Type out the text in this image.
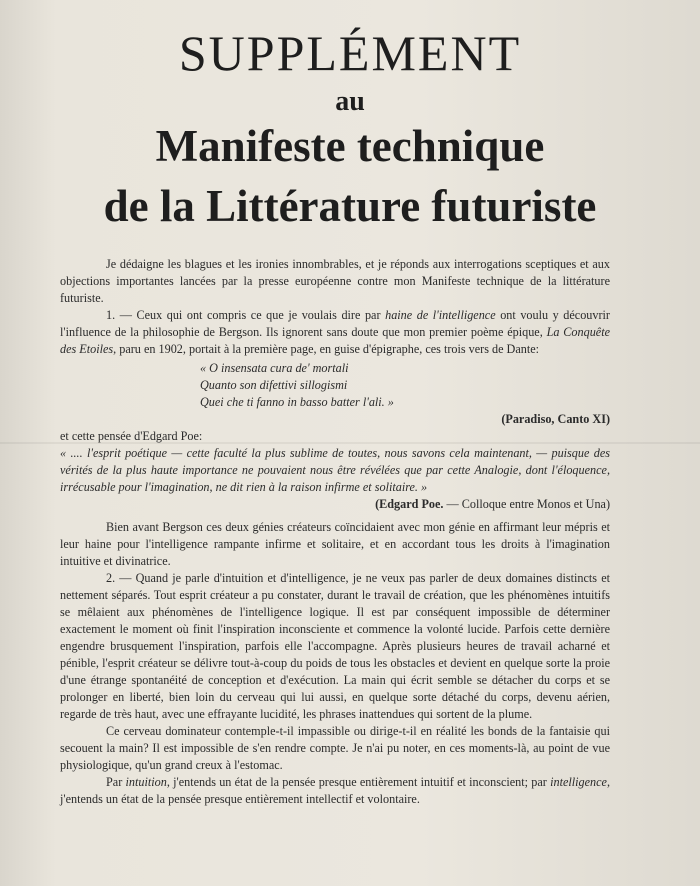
SUPPLÉMENT
au
Manifeste technique
de la Littérature futuriste

Je dédaigne les blagues et les ironies innombrables, et je réponds aux interrogations sceptiques et aux objections importantes lancées par la presse européenne contre mon Manifeste technique de la littérature futuriste.

1. — Ceux qui ont compris ce que je voulais dire par haine de l'intelligence ont voulu y découvrir l'influence de la philosophie de Bergson. Ils ignorent sans doute que mon premier poème épique, La Conquête des Etoiles, paru en 1902, portait à la première page, en guise d'épigraphe, ces trois vers de Dante:

« O insensata cura de' mortali
Quanto son difettivi sillogismi
Quei che ti fanno in basso batter l'ali. »

(Paradiso, Canto XI)

et cette pensée d'Edgard Poe:

« .... l'esprit poétique — cette faculté la plus sublime de toutes, nous savons cela maintenant, — puisque des vérités de la plus haute importance ne pouvaient nous être révélées que par cette Analogie, dont l'éloquence, irrécusable pour l'imagination, ne dit rien à la raison infirme et solitaire. »

(Edgard Poe. — Colloque entre Monos et Una)

Bien avant Bergson ces deux génies créateurs coïncidaient avec mon génie en affirmant leur mépris et leur haine pour l'intelligence rampante infirme et solitaire, et en accordant tous les droits à l'imagination intuitive et divinatrice.

2. — Quand je parle d'intuition et d'intelligence, je ne veux pas parler de deux domaines distincts et nettement séparés. Tout esprit créateur a pu constater, durant le travail de création, que les phénomènes intuitifs se mêlaient aux phénomènes de l'intelligence logique. Il est par conséquent impossible de déterminer exactement le moment où finit l'inspiration inconsciente et commence la volonté lucide. Parfois cette dernière engendre brusquement l'inspiration, parfois elle l'accompagne. Après plusieurs heures de travail acharné et pénible, l'esprit créateur se délivre tout-à-coup du poids de tous les obstacles et devient en quelque sorte la proie d'une étrange spontanéité de conception et d'exécution. La main qui écrit semble se détacher du corps et se prolonger en liberté, bien loin du cerveau qui lui aussi, en quelque sorte détaché du corps, devenu aérien, regarde de très haut, avec une effrayante lucidité, les phrases inattendues qui sortent de la plume.

Ce cerveau dominateur contemple-t-il impassible ou dirige-t-il en réalité les bonds de la fantaisie qui secouent la main? Il est impossible de s'en rendre compte. Je n'ai pu noter, en ces moments-là, au point de vue physiologique, qu'un grand creux à l'estomac.

Par intuition, j'entends un état de la pensée presque entièrement intuitif et inconscient; par intelligence, j'entends un état de la pensée presque entièrement intellectif et volontaire.
